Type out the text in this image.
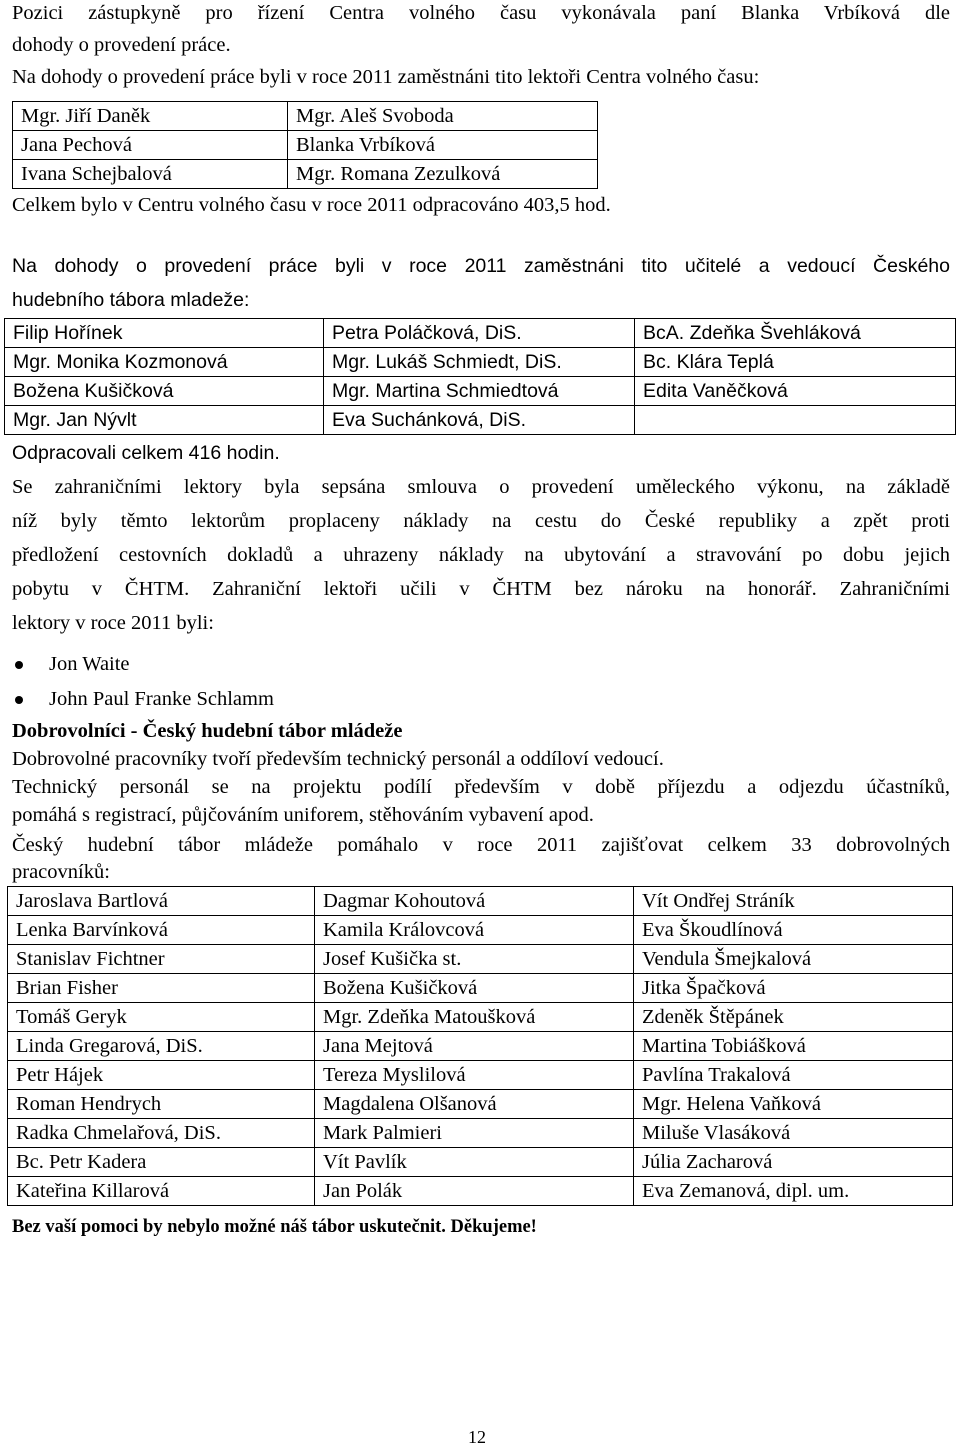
Pozici zástupkyně pro řízení Centra volného času vykonávala paní Blanka Vrbíková dle
dohody o provedení práce.
Na dohody o provedení práce byli v roce 2011 zaměstnáni tito lektoři Centra volného času:
Mgr. Jiří Daněk	Mgr. Aleš Svoboda
Jana Pechová	Blanka Vrbíková
Ivana Schejbalová	Mgr. Romana Zezulková
Celkem bylo v Centru volného času v roce 2011 odpracováno 403,5 hod.
Na dohody o provedení práce byli v roce 2011 zaměstnáni tito učitelé a vedoucí Českého
hudebního tábora mladeže:
Filip Hořínek	Petra Poláčková, DiS.	BcA. Zdeňka Švehláková
Mgr. Monika Kozmonová	Mgr. Lukáš Schmiedt, DiS.	Bc. Klára Teplá
Božena Kušičková	Mgr. Martina Schmiedtová	Edita Vaněčková
Mgr. Jan Nývlt	Eva Suchánková, DiS.	
Odpracovali celkem 416 hodin.
Se zahraničními lektory byla sepsána smlouva o provedení uměleckého výkonu, na základě
níž byly těmto lektorům proplaceny náklady na cestu do České republiky a zpět proti
předložení cestovních dokladů a uhrazeny náklady na ubytování a stravování po dobu jejich
pobytu v ČHTM. Zahraniční lektoři učili v ČHTM bez nároku na honorář. Zahraničními
lektory v roce 2011 byli:
Jon Waite
John Paul Franke Schlamm
Dobrovolníci - Český hudební tábor mládeže
Dobrovolné pracovníky tvoří především technický personál a oddíloví vedoucí.
Technický personál se na projektu podílí především v době příjezdu a odjezdu účastníků,
pomáhá s registrací, půjčováním uniforem, stěhováním vybavení apod.
Český hudební tábor mládeže pomáhalo v roce 2011 zajišťovat celkem 33 dobrovolných
pracovníků:
Jaroslava Bartlová	Dagmar Kohoutová	Vít Ondřej Stráník
Lenka Barvínková	Kamila Královcová	Eva Škoudlínová
Stanislav Fichtner	Josef Kušička st.	Vendula Šmejkalová
Brian Fisher	Božena Kušičková	Jitka Špačková
Tomáš Geryk	Mgr. Zdeňka Matoušková	Zdeněk Štěpánek
Linda Gregarová, DiS.	Jana Mejtová	Martina Tobiášková
Petr Hájek	Tereza Myslilová	Pavlína Trakalová
Roman Hendrych	Magdalena Olšanová	Mgr. Helena Vaňková
Radka Chmelařová, DiS.	Mark Palmieri	Miluše Vlasáková
Bc. Petr Kadera	Vít Pavlík	Júlia Zacharová
Kateřina Killarová	Jan Polák	Eva Zemanová, dipl. um.
Bez vaší pomoci by nebylo možné náš tábor uskutečnit. Děkujeme!
12
